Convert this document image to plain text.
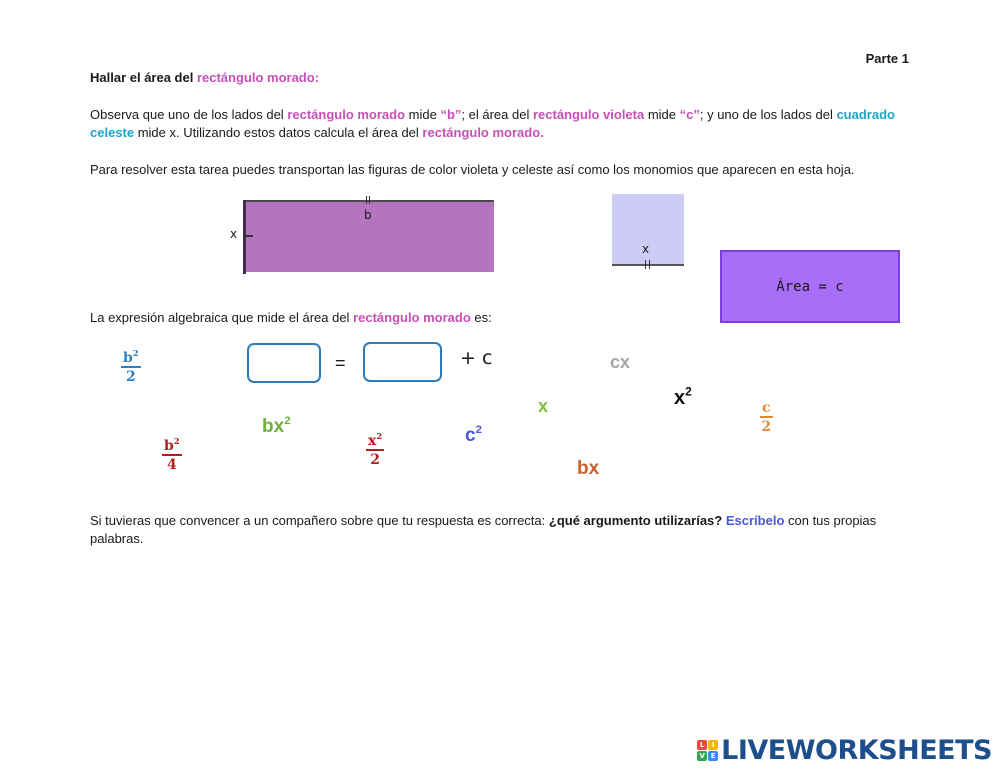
Parte 1
Hallar el área del rectángulo morado:
Observa que uno de los lados del rectángulo morado mide “b”; el área del rectángulo violeta mide “c”; y uno de los lados del cuadrado celeste mide x. Utilizando estos datos calcula el área del rectángulo morado.
Para resolver esta tarea puedes transportan las figuras de color violeta y celeste así como los monomios que aparecen en esta hoja.
b
x
x
Área = c
La expresión algebraica que mide el área del rectángulo morado es:
=	+ c
$b^2$
2
$b^2$
4
$bx^2$
$x^2$
2
$c^2$
x
cx
bx
$x^2$
c
2
Si tuvieras que convencer a un compañero sobre que tu respuesta es correcta: ¿qué argumento utilizarías? Escríbelo con tus propias palabras.
L	I
V E LIVEWORKSHEETS
